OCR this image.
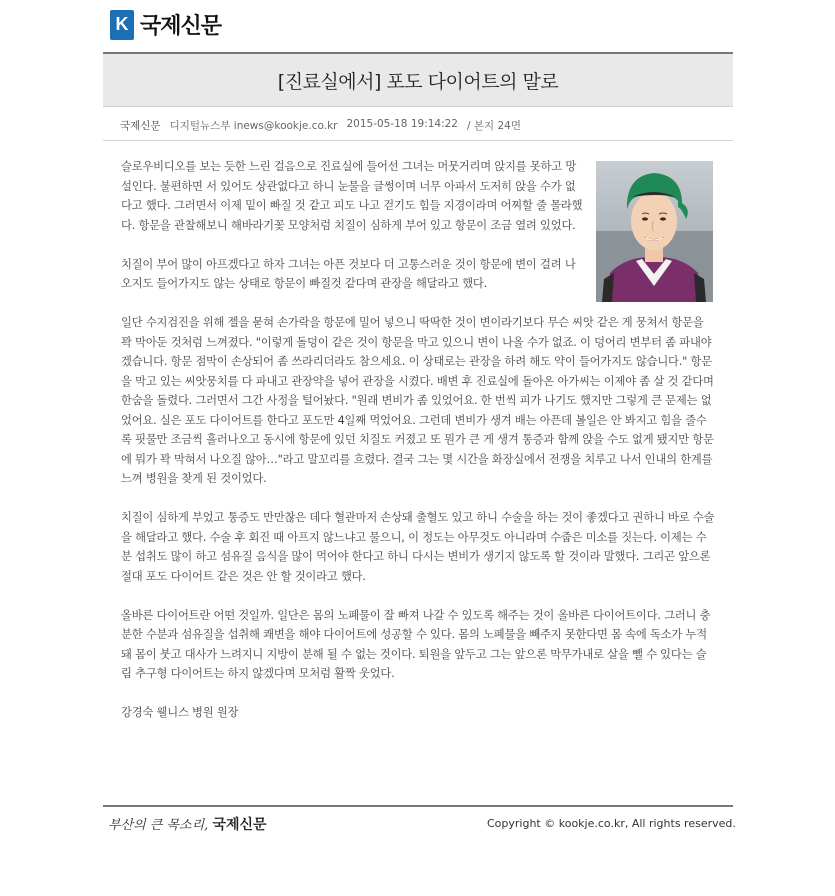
K 국제신문
[진료실에서] 포도 다이어트의 말로
국제신문 디지털뉴스부 inews@kookje.co.kr 2015-05-18 19:14:22 / 본지 24면

슬로우비디오를 보는 듯한 느린 걸음으로 진료실에 들어선 그녀는 머뭇거리며 앉지를 못하고 망설인다. 불편하면 서 있어도 상관없다고 하니 눈물을 글썽이며 너무 아파서 도저히 앉을 수가 없다고 했다. 그러면서 이제 밑이 빠질 것 같고 피도 나고 걷기도 힘들 지경이라며 어찌할 줄 몰라했다. 항문을 관찰해보니 해바라기꽃 모양처럼 치질이 심하게 부어 있고 항문이 조금 열려 있었다.

치질이 부어 많이 아프겠다고 하자 그녀는 아픈 것보다 더 고통스러운 것이 항문에 변이 걸려 나오지도 들어가지도 않는 상태로 항문이 빠질것 같다며 관장을 해달라고 했다.

일단 수지검진을 위해 젤을 묻혀 손가락을 항문에 밀어 넣으니 딱딱한 것이 변이라기보다 무슨 씨앗 같은 게 뭉쳐서 항문을 꽉 막아둔 것처럼 느껴졌다. "이렇게 돌덩이 같은 것이 항문을 막고 있으니 변이 나올 수가 없죠. 이 덩어리 변부터 좀 파내야겠습니다. 항문 점막이 손상되어 좀 쓰라리더라도 참으세요. 이 상태로는 관장을 하려 해도 약이 들어가지도 않습니다." 항문을 막고 있는 씨앗뭉치를 다 파내고 관장약을 넣어 관장을 시켰다. 배변 후 진료실에 돌아온 아가씨는 이제야 좀 살 것 같다며 한숨을 돌렸다. 그러면서 그간 사정을 털어놨다. "원래 변비가 좀 있었어요. 한 번씩 피가 나기도 했지만 그렇게 큰 문제는 없었어요. 실은 포도 다이어트를 한다고 포도만 4일째 먹었어요. 그런데 변비가 생겨 배는 아픈데 볼일은 안 봐지고 힘을 줄수록 핏물만 조금씩 흘러나오고 동시에 항문에 있던 치질도 커졌고 또 뭔가 큰 게 생겨 통증과 함께 앉을 수도 없게 됐지만 항문에 뭐가 꽉 막혀서 나오질 않아…"라고 말꼬리를 흐렸다. 결국 그는 몇 시간을 화장실에서 전쟁을 치루고 나서 인내의 한계를 느껴 병원을 찾게 된 것이었다.

치질이 심하게 부었고 통증도 만만찮은 데다 혈관마저 손상돼 출혈도 있고 하니 수술을 하는 것이 좋겠다고 권하니 바로 수술을 해달라고 했다. 수술 후 회진 때 아프지 않느냐고 물으니, 이 정도는 아무것도 아니라며 수줍은 미소를 짓는다. 이제는 수분 섭취도 많이 하고 섬유질 음식을 많이 먹어야 한다고 하니 다시는 변비가 생기지 않도록 할 것이라 말했다. 그리곤 앞으론 절대 포도 다이어트 같은 것은 안 할 것이라고 했다.

올바른 다이어트란 어떤 것일까. 일단은 몸의 노폐물이 잘 빠져 나갈 수 있도록 해주는 것이 올바른 다이어트이다. 그러니 충분한 수분과 섬유질을 섭취해 쾌변을 해야 다이어트에 성공할 수 있다. 몸의 노폐물을 빼주지 못한다면 몸 속에 독소가 누적돼 몸이 붓고 대사가 느려지니 지방이 분해 될 수 없는 것이다. 퇴원을 앞두고 그는 앞으론 막무가내로 살을 뺄 수 있다는 슬림 추구형 다이어트는 하지 않겠다며 모처럼 활짝 웃었다.

강경숙 웰니스 병원 원장

부산의 큰 목소리, 국제신문	Copyright © kookje.co.kr, All rights reserved.
